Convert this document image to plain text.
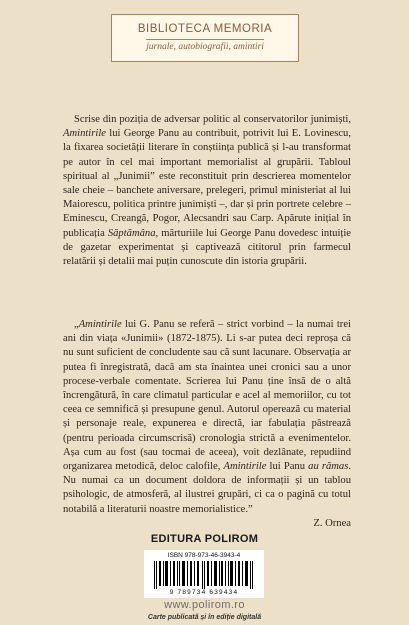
BIBLIOTECA MEMORIA
jurnale, autobiografii, amintiri

Scrise din poziția de adversar politic al conservatorilor junimiști, Amintirile lui George Panu au contribuit, potrivit lui E. Lovinescu, la fixarea societății literare în conștiința publică și l-au transformat pe autor în cel mai important memorialist al grupării. Tabloul spiritual al „Junimii” este reconstituit prin descrierea momentelor sale cheie – banchete aniversare, prelegeri, primul ministeriat al lui Maiorescu, politica printre junimiști –, dar și prin portrete celebre – Eminescu, Creangă, Pogor, Alecsandri sau Carp. Apărute inițial în publicația Săptămâna, mărturiile lui George Panu dovedesc intuiție de gazetar experimentat și captivează cititorul prin farmecul relatării și detalii mai puțin cunoscute din istoria grupării.

„Amintirile lui G. Panu se referă – strict vorbind – la numai trei ani din viața «Junimii» (1872-1875). Li s-ar putea deci reproșa că nu sunt suficient de concludente sau că sunt lacunare. Observația ar putea fi înregistrată, dacă am sta înaintea unei cronici sau a unor procese-verbale comentate. Scrierea lui Panu ține însă de o altă încrengătură, în care climatul particular e acel al memoriilor, cu tot ceea ce semnifică și presupune genul. Autorul operează cu material și personaje reale, expunerea e directă, iar fabulația păstrează (pentru perioada circumscrisă) cronologia strictă a evenimentelor. Așa cum au fost (sau tocmai de aceea), voit dezlânate, repudiind organizarea metodică, deloc calofile, Amintirile lui Panu au rămas. Nu numai ca un document doldora de informații și un tablou psihologic, de atmosferă, al ilustrei grupări, ci ca o pagină cu totul notabilă a literaturii noastre memorialistice.”

Z. Ornea
EDITURA POLIROM
ISBN 978-973-46-3943-4
9 789734 639434
www.polirom.ro
Carte publicată și în ediție digitală
